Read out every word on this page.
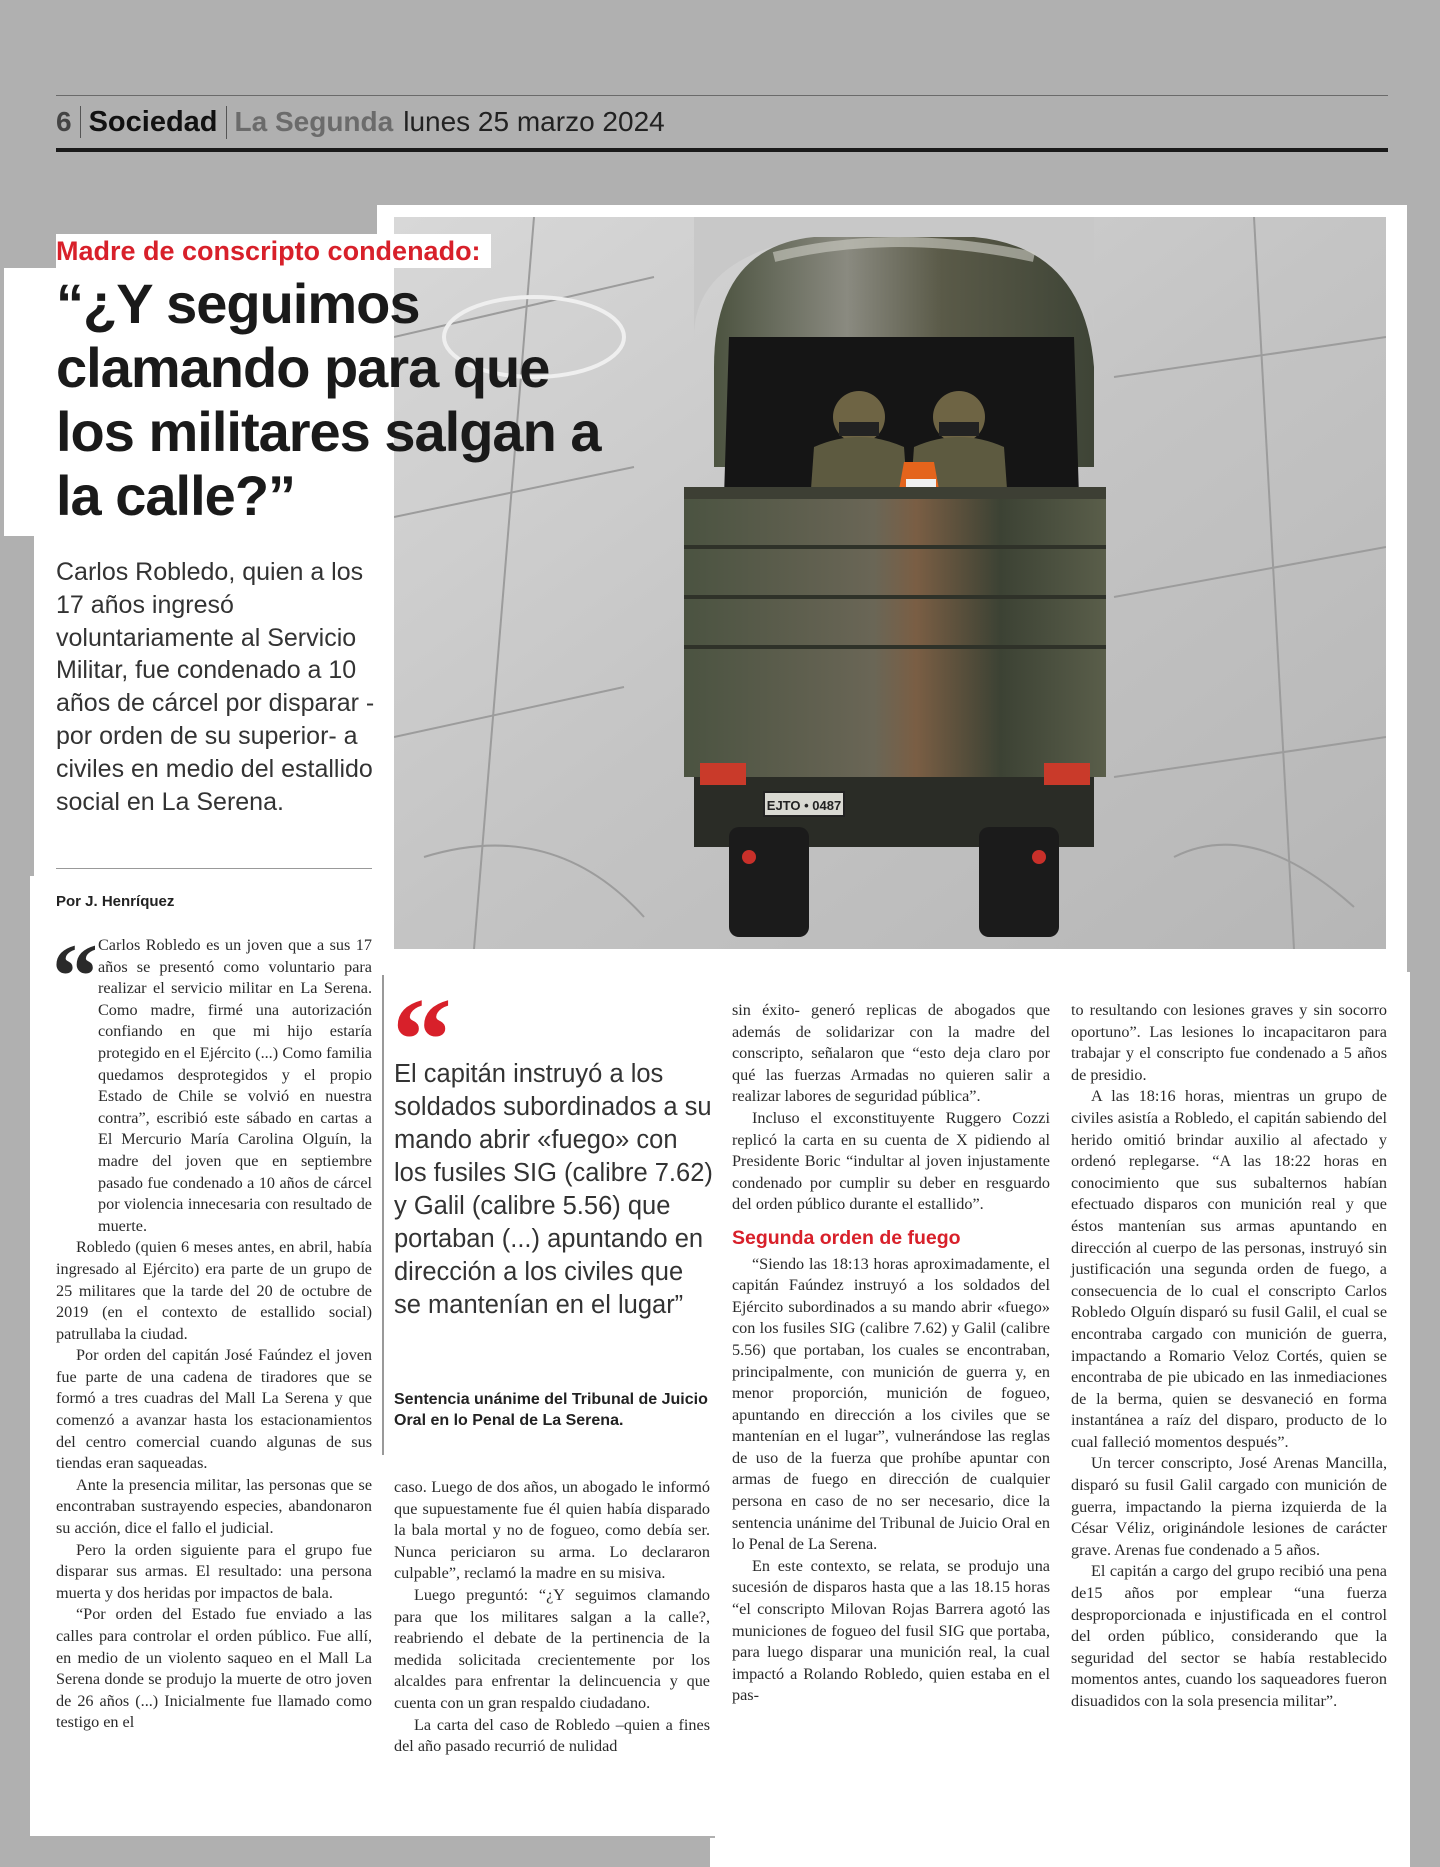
6 Sociedad La Segunda lunes 25 marzo 2024
EJTO • 0487
Madre de conscripto condenado:
“¿Y seguimos clamando para que los militares salgan a la calle?”
Carlos Robledo, quien a los 17 años ingresó voluntariamente al Servicio Militar, fue condenado a 10 años de cárcel por disparar -por orden de su superior- a civiles en medio del estallido social en La Serena.
Por J. Henríquez
“ Carlos Robledo es un joven que a sus 17 años se presentó como voluntario para realizar el servicio militar en La Serena. Como madre, firmé una autorización confiando en que mi hijo estaría protegido en el Ejército (...) Como familia quedamos desprotegidos y el propio Estado de Chile se volvió en nuestra contra”, escribió este sábado en cartas a El Mercurio María Carolina Olguín, la madre del joven que en septiembre pasado fue condenado a 10 años de cárcel por violencia innecesaria con resultado de muerte.

Robledo (quien 6 meses antes, en abril, había ingresado al Ejército) era parte de un grupo de 25 militares que la tarde del 20 de octubre de 2019 (en el contexto de estallido social) patrullaba la ciudad.

Por orden del capitán José Faúndez el joven fue parte de una cadena de tiradores que se formó a tres cuadras del Mall La Serena y que comenzó a avanzar hasta los estacionamientos del centro comercial cuando algunas de sus tiendas eran saqueadas.

Ante la presencia militar, las personas que se encontraban sustrayendo especies, abandonaron su acción, dice el fallo el judicial.

Pero la orden siguiente para el grupo fue disparar sus armas. El resultado: una persona muerta y dos heridas por impactos de bala.

“Por orden del Estado fue enviado a las calles para controlar el orden público. Fue allí, en medio de un violento saqueo en el Mall La Serena donde se produjo la muerte de otro joven de 26 años (...) Inicialmente fue llamado como testigo en el

“
El capitán instruyó a los soldados subordinados a su mando abrir «fuego» con los fusiles SIG (calibre 7.62) y Galil (calibre 5.56) que portaban (...) apuntando en dirección a los civiles que se mantenían en el lugar”
Sentencia unánime del Tribunal de Juicio Oral en lo Penal de La Serena.

caso. Luego de dos años, un abogado le informó que supuestamente fue él quien había disparado la bala mortal y no de fogueo, como debía ser. Nunca periciaron su arma. Lo declararon culpable”, reclamó la madre en su misiva.

Luego preguntó: “¿Y seguimos clamando para que los militares salgan a la calle?, reabriendo el debate de la pertinencia de la medida solicitada crecientemente por los alcaldes para enfrentar la delincuencia y que cuenta con un gran respaldo ciudadano.

La carta del caso de Robledo –quien a fines del año pasado recurrió de nulidad

sin éxito- generó replicas de abogados que además de solidarizar con la madre del conscripto, señalaron que “esto deja claro por qué las fuerzas Armadas no quieren salir a realizar labores de seguridad pública”.

Incluso el exconstituyente Ruggero Cozzi replicó la carta en su cuenta de X pidiendo al Presidente Boric “indultar al joven injustamente condenado por cumplir su deber en resguardo del orden público durante el estallido”.

Segunda orden de fuego

“Siendo las 18:13 horas aproximadamente, el capitán Faúndez instruyó a los soldados del Ejército subordinados a su mando abrir «fuego» con los fusiles SIG (calibre 7.62) y Galil (calibre 5.56) que portaban, los cuales se encontraban, principalmente, con munición de guerra y, en menor proporción, munición de fogueo, apuntando en dirección a los civiles que se mantenían en el lugar”, vulnerándose las reglas de uso de la fuerza que prohíbe apuntar con armas de fuego en dirección de cualquier persona en caso de no ser necesario, dice la sentencia unánime del Tribunal de Juicio Oral en lo Penal de La Serena.

En este contexto, se relata, se produjo una sucesión de disparos hasta que a las 18.15 horas “el conscripto Milovan Rojas Barrera agotó las municiones de fogueo del fusil SIG que portaba, para luego disparar una munición real, la cual impactó a Rolando Robledo, quien estaba en el pas-

to resultando con lesiones graves y sin socorro oportuno”. Las lesiones lo incapacitaron para trabajar y el conscripto fue condenado a 5 años de presidio.

A las 18:16 horas, mientras un grupo de civiles asistía a Robledo, el capitán sabiendo del herido omitió brindar auxilio al afectado y ordenó replegarse. “A las 18:22 horas en conocimiento que sus subalternos habían efectuado disparos con munición real y que éstos mantenían sus armas apuntando en dirección al cuerpo de las personas, instruyó sin justificación una segunda orden de fuego, a consecuencia de lo cual el conscripto Carlos Robledo Olguín disparó su fusil Galil, el cual se encontraba cargado con munición de guerra, impactando a Romario Veloz Cortés, quien se encontraba de pie ubicado en las inmediaciones de la berma, quien se desvaneció en forma instantánea a raíz del disparo, producto de lo cual falleció momentos después”.

Un tercer conscripto, José Arenas Mancilla, disparó su fusil Galil cargado con munición de guerra, impactando la pierna izquierda de la César Véliz, originándole lesiones de carácter grave. Arenas fue condenado a 5 años.

El capitán a cargo del grupo recibió una pena de15 años por emplear “una fuerza desproporcionada e injustificada en el control del orden público, considerando que la seguridad del sector se había restablecido momentos antes, cuando los saqueadores fueron disuadidos con la sola presencia militar”.
